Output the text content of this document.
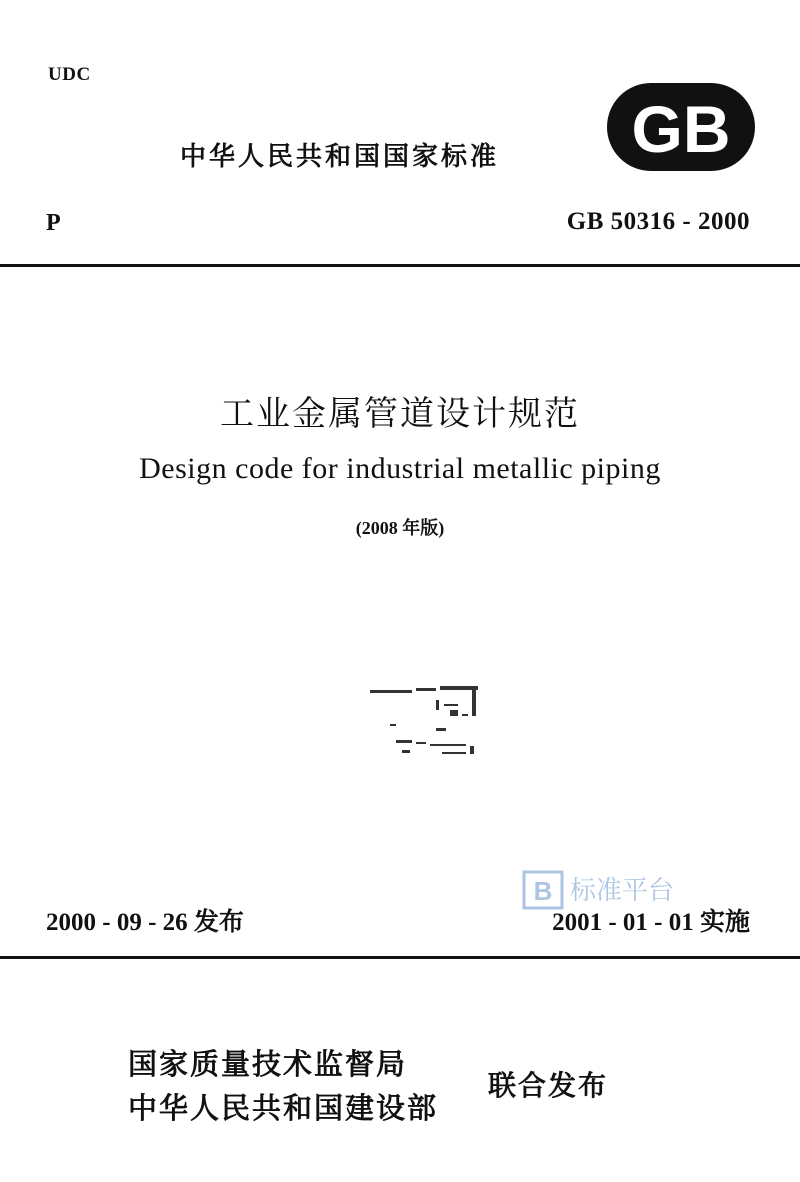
UDC
中华人民共和国国家标准 GB
P	GB 50316 - 2000
工业金属管道设计规范
Design code for industrial metallic piping
(2008 年版)
2000 - 09 - 26 发布	2001 - 01 - 01 实施
B 标准平台
国家质量技术监督局
中华人民共和国建设部
联合发布
